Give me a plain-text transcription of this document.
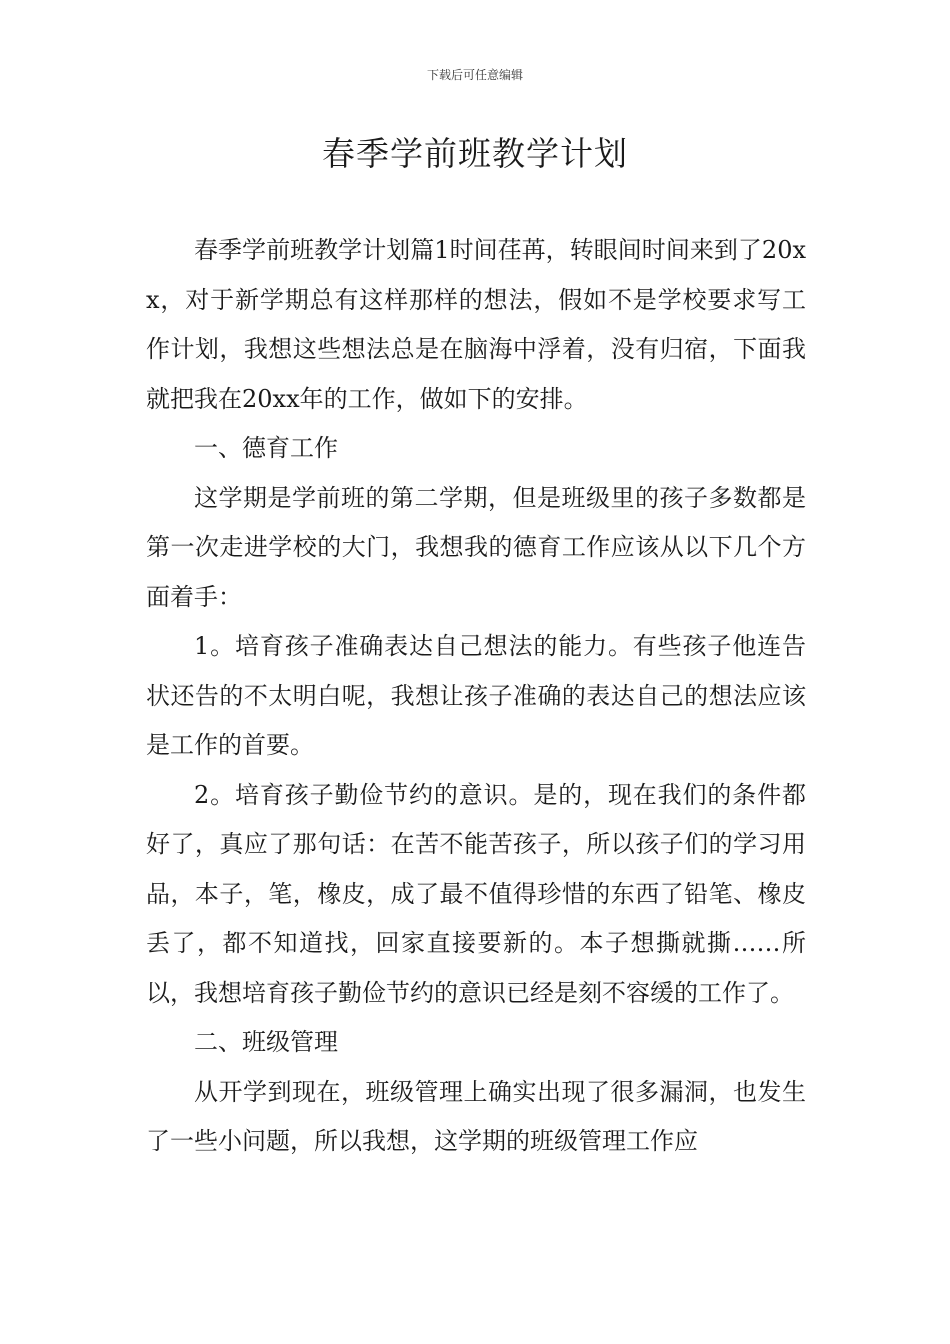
下载后可任意编辑
春季学前班教学计划

春季学前班教学计划篇1时间荏苒，转眼间时间来到了20xx，对于新学期总有这样那样的想法，假如不是学校要求写工作计划，我想这些想法总是在脑海中浮着，没有归宿，下面我就把我在20xx年的工作，做如下的安排。

一、德育工作

这学期是学前班的第二学期，但是班级里的孩子多数都是第一次走进学校的大门，我想我的德育工作应该从以下几个方面着手：

1。培育孩子准确表达自己想法的能力。有些孩子他连告状还告的不太明白呢，我想让孩子准确的表达自己的想法应该是工作的首要。

2。培育孩子勤俭节约的意识。是的，现在我们的条件都好了，真应了那句话：在苦不能苦孩子，所以孩子们的学习用品，本子，笔，橡皮，成了最不值得珍惜的东西了铅笔、橡皮丢了，都不知道找，回家直接要新的。本子想撕就撕……所以，我想培育孩子勤俭节约的意识已经是刻不容缓的工作了。

二、班级管理

从开学到现在，班级管理上确实出现了很多漏洞，也发生了一些小问题，所以我想，这学期的班级管理工作应
